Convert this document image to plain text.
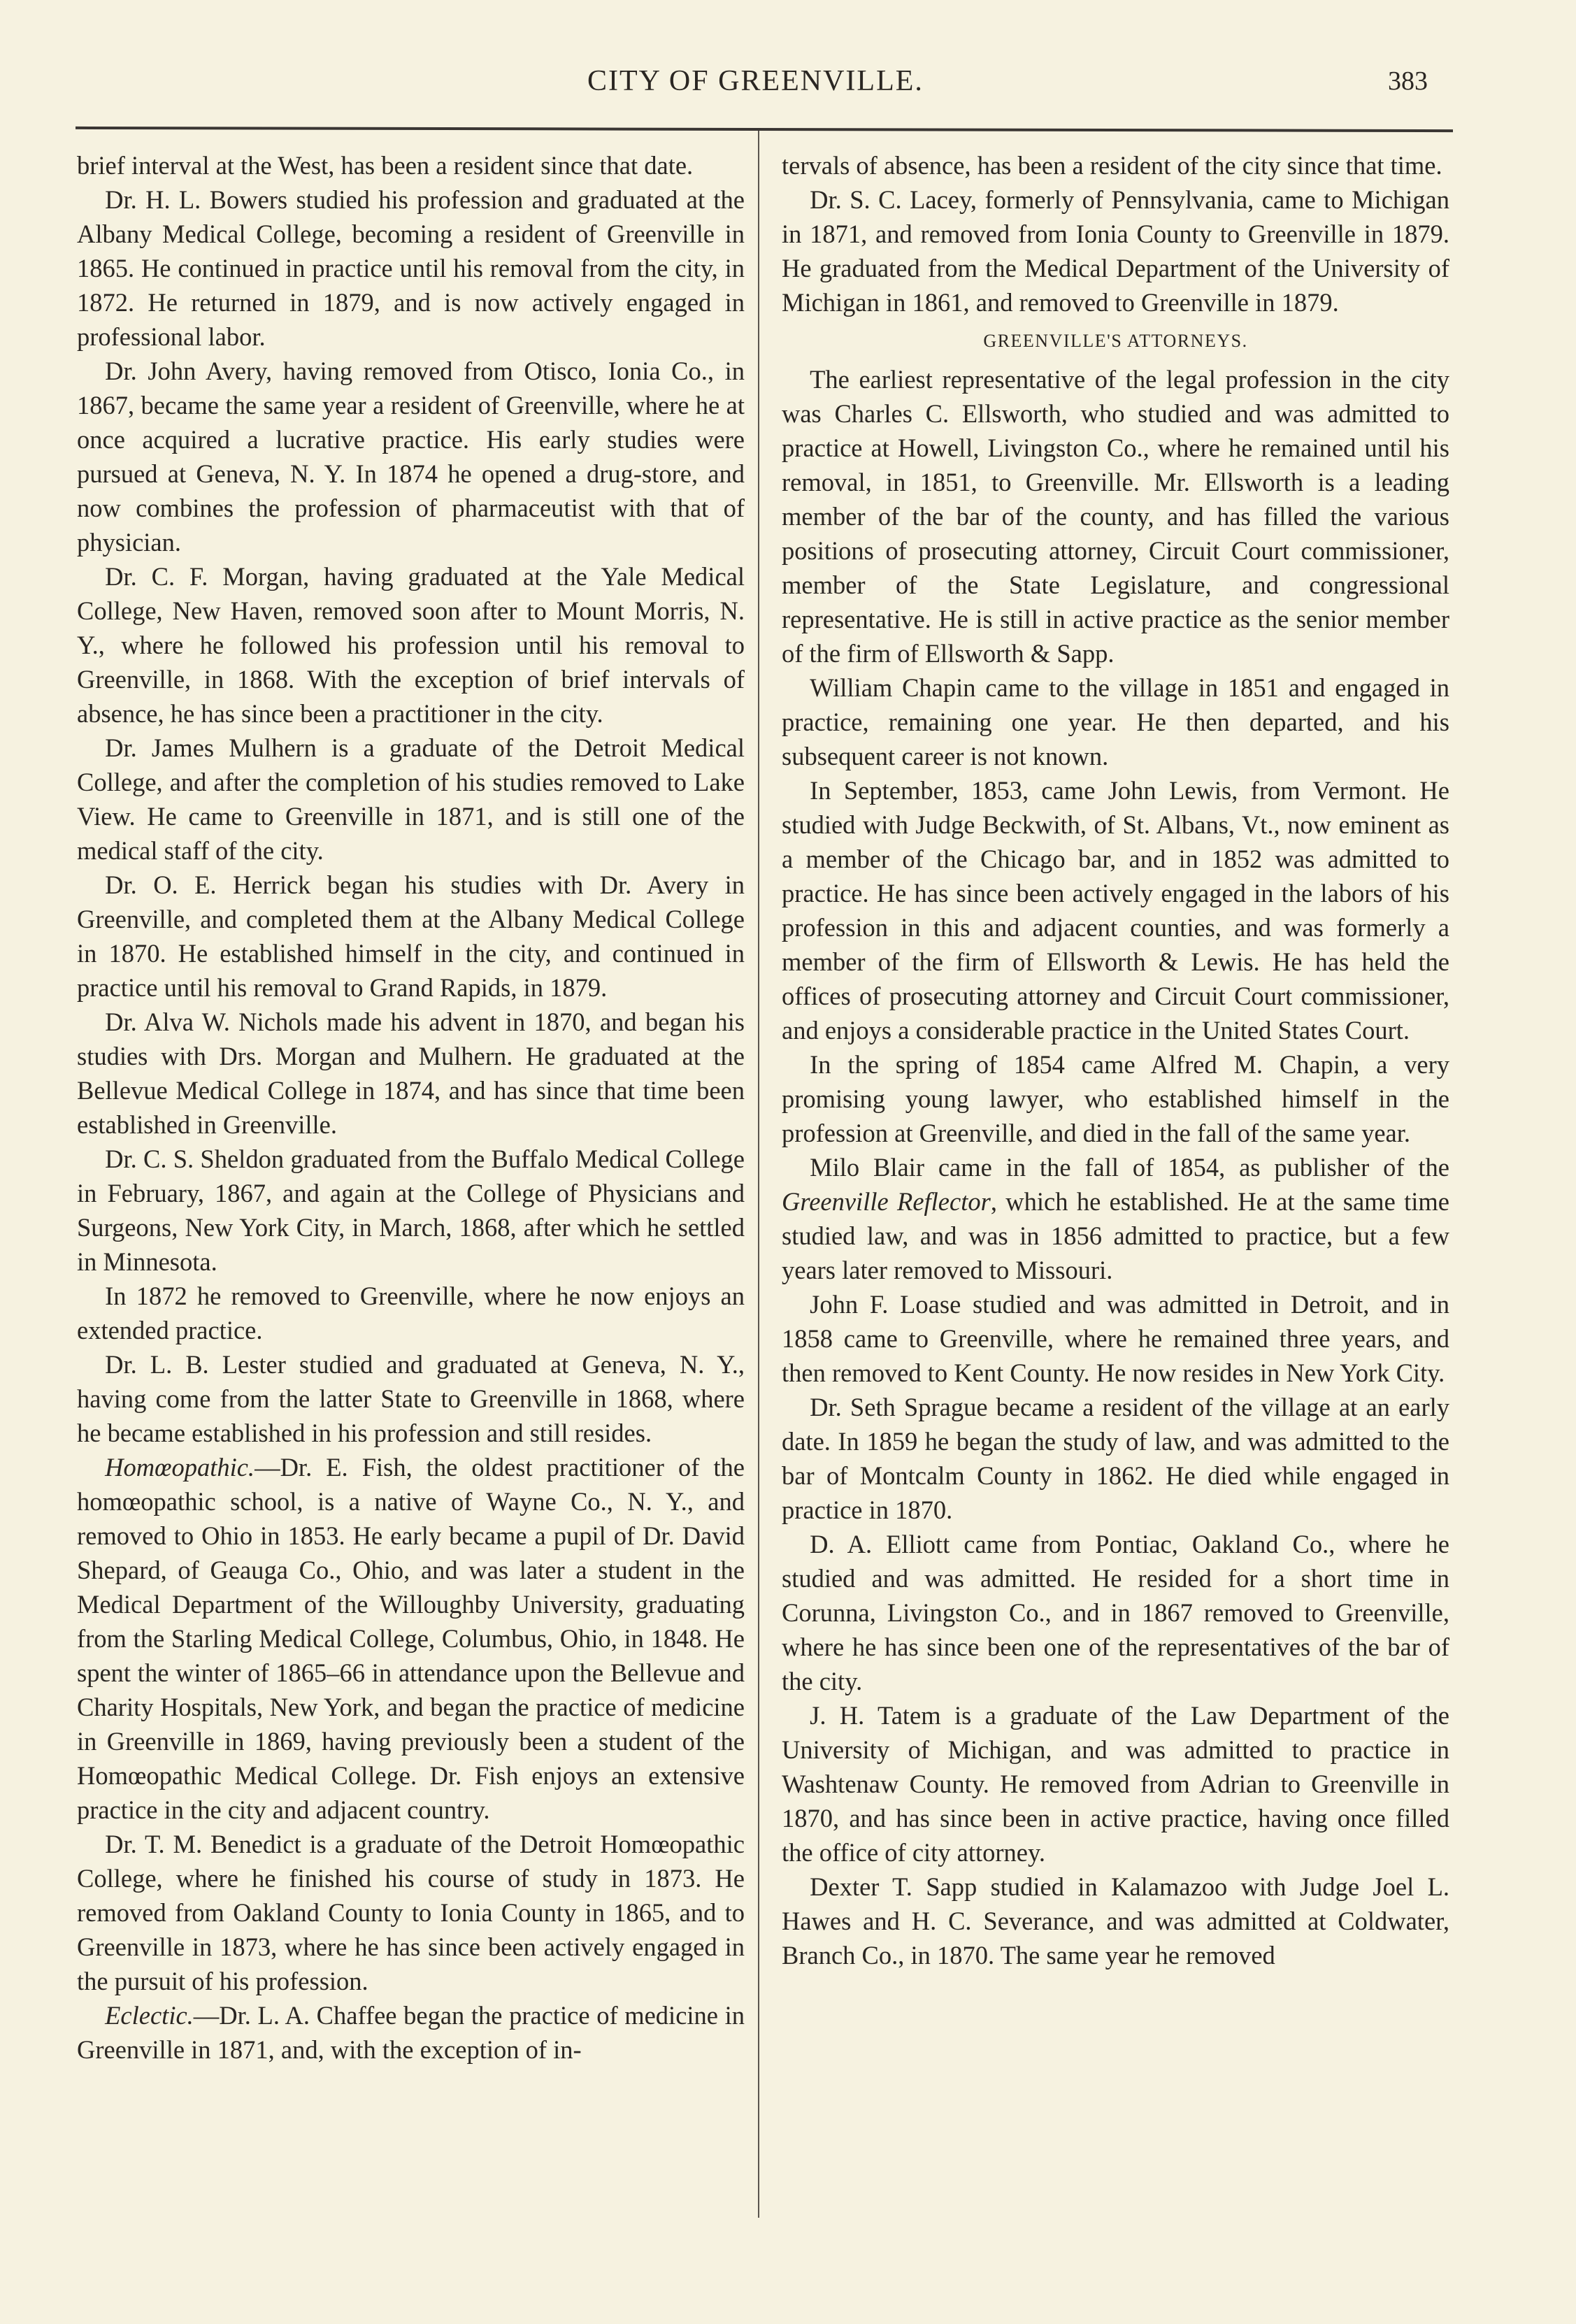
CITY OF GREENVILLE.	383

brief interval at the West, has been a resident since that date.

Dr. H. L. Bowers studied his profession and graduated at the Albany Medical College, becoming a resident of Greenville in 1865. He continued in practice until his removal from the city, in 1872. He returned in 1879, and is now actively engaged in professional labor.

Dr. John Avery, having removed from Otisco, Ionia Co., in 1867, became the same year a resident of Greenville, where he at once acquired a lucrative practice. His early studies were pursued at Geneva, N. Y. In 1874 he opened a drug-store, and now combines the profession of pharmaceutist with that of physician.

Dr. C. F. Morgan, having graduated at the Yale Medical College, New Haven, removed soon after to Mount Morris, N. Y., where he followed his profession until his removal to Greenville, in 1868. With the exception of brief intervals of absence, he has since been a practitioner in the city.

Dr. James Mulhern is a graduate of the Detroit Medical College, and after the completion of his studies removed to Lake View. He came to Greenville in 1871, and is still one of the medical staff of the city.

Dr. O. E. Herrick began his studies with Dr. Avery in Greenville, and completed them at the Albany Medical College in 1870. He established himself in the city, and continued in practice until his removal to Grand Rapids, in 1879.

Dr. Alva W. Nichols made his advent in 1870, and began his studies with Drs. Morgan and Mulhern. He graduated at the Bellevue Medical College in 1874, and has since that time been established in Greenville.

Dr. C. S. Sheldon graduated from the Buffalo Medical College in February, 1867, and again at the College of Physicians and Surgeons, New York City, in March, 1868, after which he settled in Minnesota.

In 1872 he removed to Greenville, where he now enjoys an extended practice.

Dr. L. B. Lester studied and graduated at Geneva, N. Y., having come from the latter State to Greenville in 1868, where he became established in his profession and still resides.

Homœopathic.—Dr. E. Fish, the oldest practitioner of the homœopathic school, is a native of Wayne Co., N. Y., and removed to Ohio in 1853. He early became a pupil of Dr. David Shepard, of Geauga Co., Ohio, and was later a student in the Medical Department of the Willoughby University, graduating from the Starling Medical College, Columbus, Ohio, in 1848. He spent the winter of 1865–66 in attendance upon the Bellevue and Charity Hospitals, New York, and began the practice of medicine in Greenville in 1869, having previously been a student of the Homœopathic Medical College. Dr. Fish enjoys an extensive practice in the city and adjacent country.

Dr. T. M. Benedict is a graduate of the Detroit Homœopathic College, where he finished his course of study in 1873. He removed from Oakland County to Ionia County in 1865, and to Greenville in 1873, where he has since been actively engaged in the pursuit of his profession.

Eclectic.—Dr. L. A. Chaffee began the practice of medicine in Greenville in 1871, and, with the exception of in-

tervals of absence, has been a resident of the city since that time.

Dr. S. C. Lacey, formerly of Pennsylvania, came to Michigan in 1871, and removed from Ionia County to Greenville in 1879. He graduated from the Medical Department of the University of Michigan in 1861, and removed to Greenville in 1879.

GREENVILLE'S ATTORNEYS.

The earliest representative of the legal profession in the city was Charles C. Ellsworth, who studied and was admitted to practice at Howell, Livingston Co., where he remained until his removal, in 1851, to Greenville. Mr. Ellsworth is a leading member of the bar of the county, and has filled the various positions of prosecuting attorney, Circuit Court commissioner, member of the State Legislature, and congressional representative. He is still in active practice as the senior member of the firm of Ellsworth & Sapp.

William Chapin came to the village in 1851 and engaged in practice, remaining one year. He then departed, and his subsequent career is not known.

In September, 1853, came John Lewis, from Vermont. He studied with Judge Beckwith, of St. Albans, Vt., now eminent as a member of the Chicago bar, and in 1852 was admitted to practice. He has since been actively engaged in the labors of his profession in this and adjacent counties, and was formerly a member of the firm of Ellsworth & Lewis. He has held the offices of prosecuting attorney and Circuit Court commissioner, and enjoys a considerable practice in the United States Court.

In the spring of 1854 came Alfred M. Chapin, a very promising young lawyer, who established himself in the profession at Greenville, and died in the fall of the same year.

Milo Blair came in the fall of 1854, as publisher of the Greenville Reflector, which he established. He at the same time studied law, and was in 1856 admitted to practice, but a few years later removed to Missouri.

John F. Loase studied and was admitted in Detroit, and in 1858 came to Greenville, where he remained three years, and then removed to Kent County. He now resides in New York City.

Dr. Seth Sprague became a resident of the village at an early date. In 1859 he began the study of law, and was admitted to the bar of Montcalm County in 1862. He died while engaged in practice in 1870.

D. A. Elliott came from Pontiac, Oakland Co., where he studied and was admitted. He resided for a short time in Corunna, Livingston Co., and in 1867 removed to Greenville, where he has since been one of the representatives of the bar of the city.

J. H. Tatem is a graduate of the Law Department of the University of Michigan, and was admitted to practice in Washtenaw County. He removed from Adrian to Greenville in 1870, and has since been in active practice, having once filled the office of city attorney.

Dexter T. Sapp studied in Kalamazoo with Judge Joel L. Hawes and H. C. Severance, and was admitted at Coldwater, Branch Co., in 1870. The same year he removed
